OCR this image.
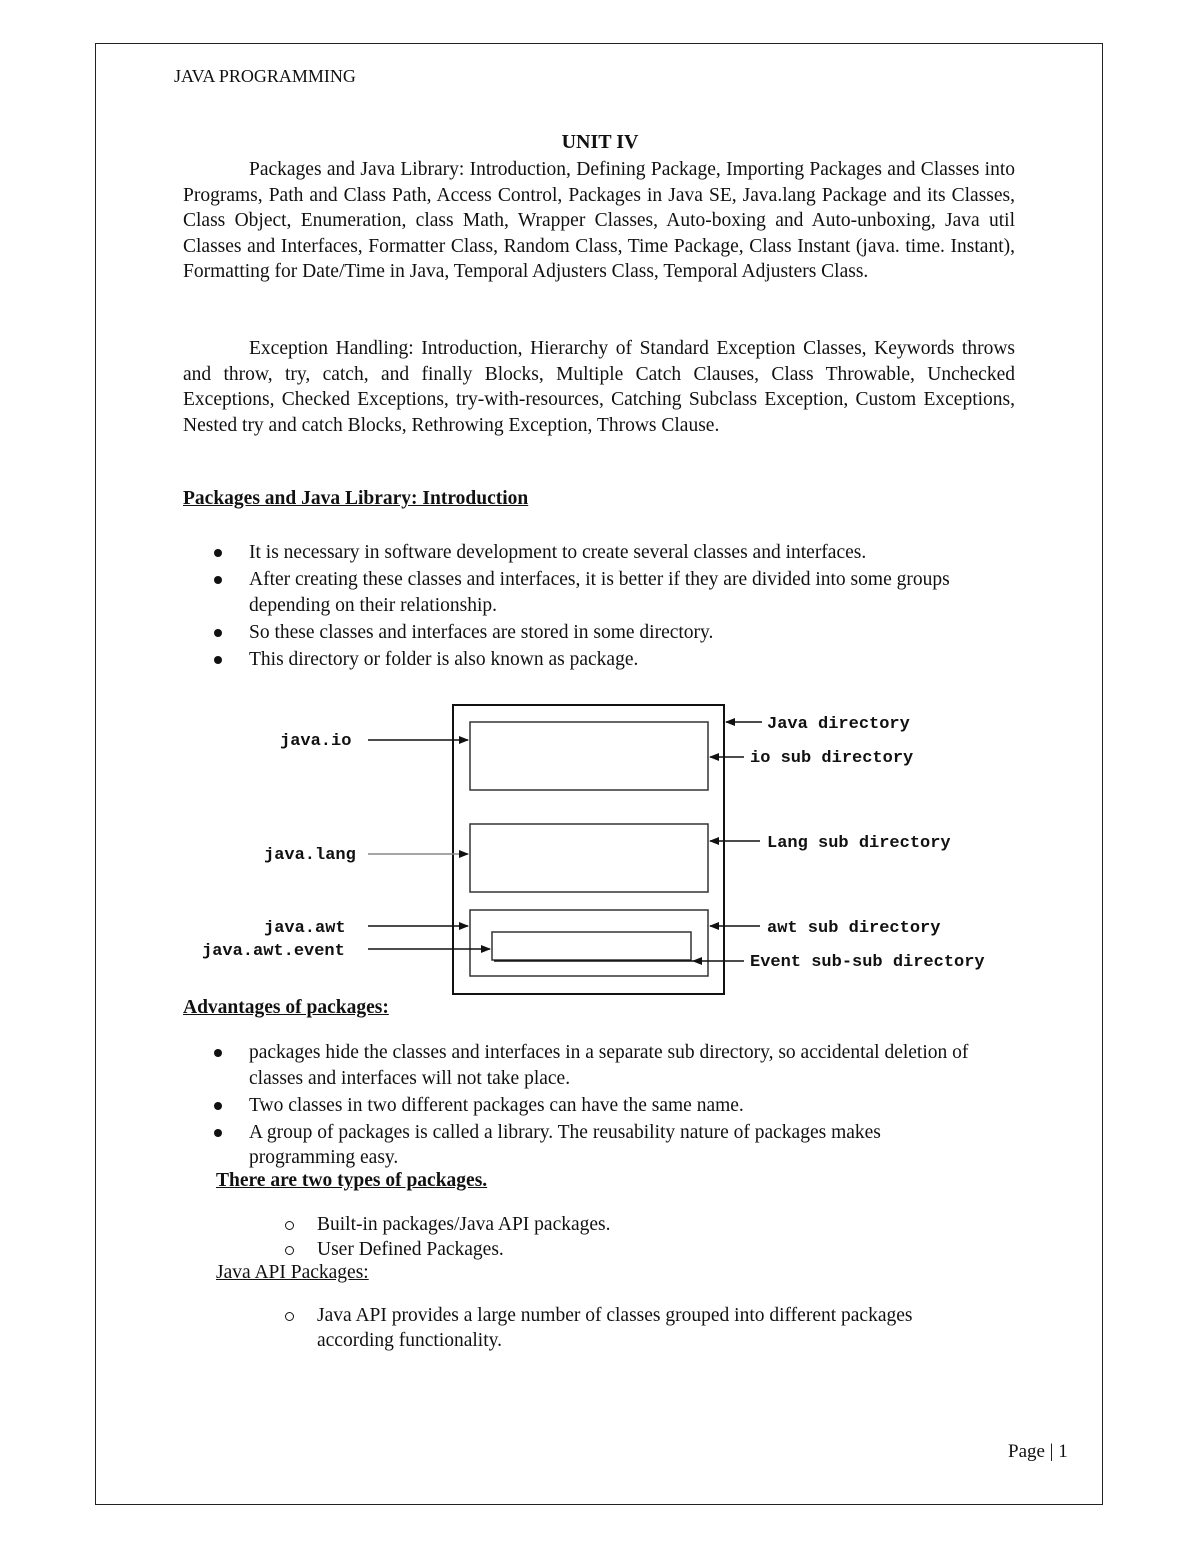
JAVA PROGRAMMING
UNIT IV

Packages and Java Library: Introduction, Defining Package, Importing Packages and Classes into Programs, Path and Class Path, Access Control, Packages in Java SE, Java.lang Package and its Classes, Class Object, Enumeration, class Math, Wrapper Classes, Auto-boxing and Auto-unboxing, Java util Classes and Interfaces, Formatter Class, Random Class, Time Package, Class Instant (java. time. Instant), Formatting for Date/Time in Java, Temporal Adjusters Class, Temporal Adjusters Class.

Exception Handling: Introduction, Hierarchy of Standard Exception Classes, Keywords throws and throw, try, catch, and finally Blocks, Multiple Catch Clauses, Class Throwable, Unchecked Exceptions, Checked Exceptions, try-with-resources, Catching Subclass Exception, Custom Exceptions, Nested try and catch Blocks, Rethrowing Exception, Throws Clause.

Packages and Java Library: Introduction
It is necessary in software development to create several classes and interfaces.
After creating these classes and interfaces, it is better if they are divided into some groups depending on their relationship.
So these classes and interfaces are stored in some directory.
This directory or folder is also known as package.
java.io
java.lang
java.awt
java.awt.event
Java directory
io sub directory
Lang sub directory
awt sub directory
Event sub-sub directory
Advantages of packages:
packages hide the classes and interfaces in a separate sub directory, so accidental deletion of classes and interfaces will not take place.
Two classes in two different packages can have the same name.
A group of packages is called a library. The reusability nature of packages makes programming easy.
There are two types of packages.
Built-in packages/Java API packages.
User Defined Packages.
Java API Packages:
Java API provides a large number of classes grouped into different packages according functionality.
Page | 1
